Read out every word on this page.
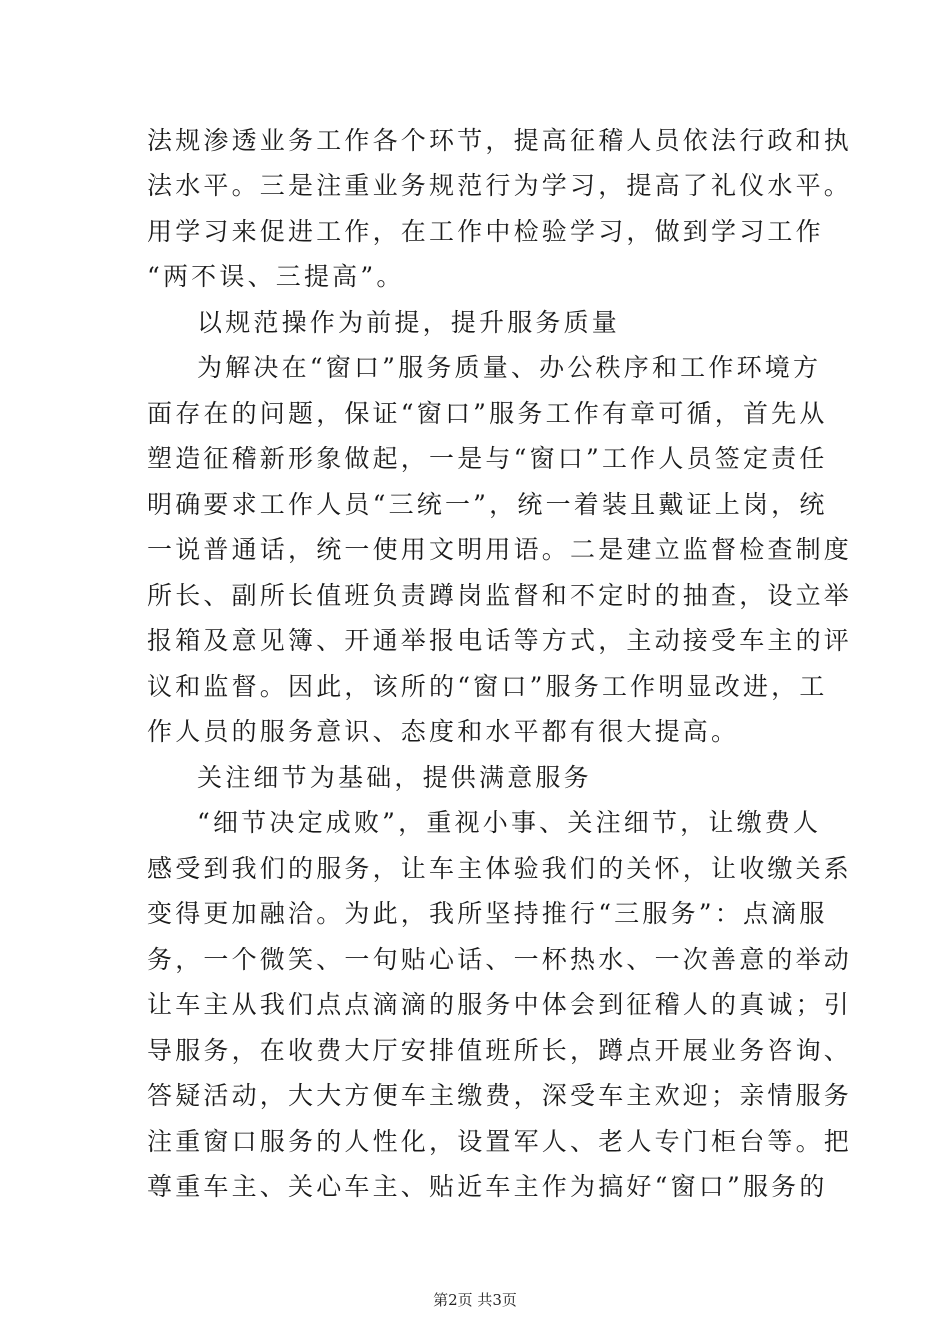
法规渗透业务工作各个环节，提高征稽人员依法行政和执
法水平。三是注重业务规范行为学习，提高了礼仪水平。
用学习来促进工作，在工作中检验学习，做到学习工作
“两不误、三提高”。
以规范操作为前提，提升服务质量
为解决在“窗口”服务质量、办公秩序和工作环境方
面存在的问题，保证“窗口”服务工作有章可循，首先从
塑造征稽新形象做起，一是与“窗口”工作人员签定责任
明确要求工作人员“三统一”，统一着装且戴证上岗，统
一说普通话，统一使用文明用语。二是建立监督检查制度
所长、副所长值班负责蹲岗监督和不定时的抽查，设立举
报箱及意见簿、开通举报电话等方式，主动接受车主的评
议和监督。因此，该所的“窗口”服务工作明显改进，工
作人员的服务意识、态度和水平都有很大提高。
关注细节为基础，提供满意服务
“细节决定成败”，重视小事、关注细节，让缴费人
感受到我们的服务，让车主体验我们的关怀，让收缴关系
变得更加融洽。为此，我所坚持推行“三服务”：点滴服
务，一个微笑、一句贴心话、一杯热水、一次善意的举动
让车主从我们点点滴滴的服务中体会到征稽人的真诚；引
导服务，在收费大厅安排值班所长，蹲点开展业务咨询、
答疑活动，大大方便车主缴费，深受车主欢迎；亲情服务
注重窗口服务的人性化，设置军人、老人专门柜台等。把
尊重车主、关心车主、贴近车主作为搞好“窗口”服务的
第2页 共3页
